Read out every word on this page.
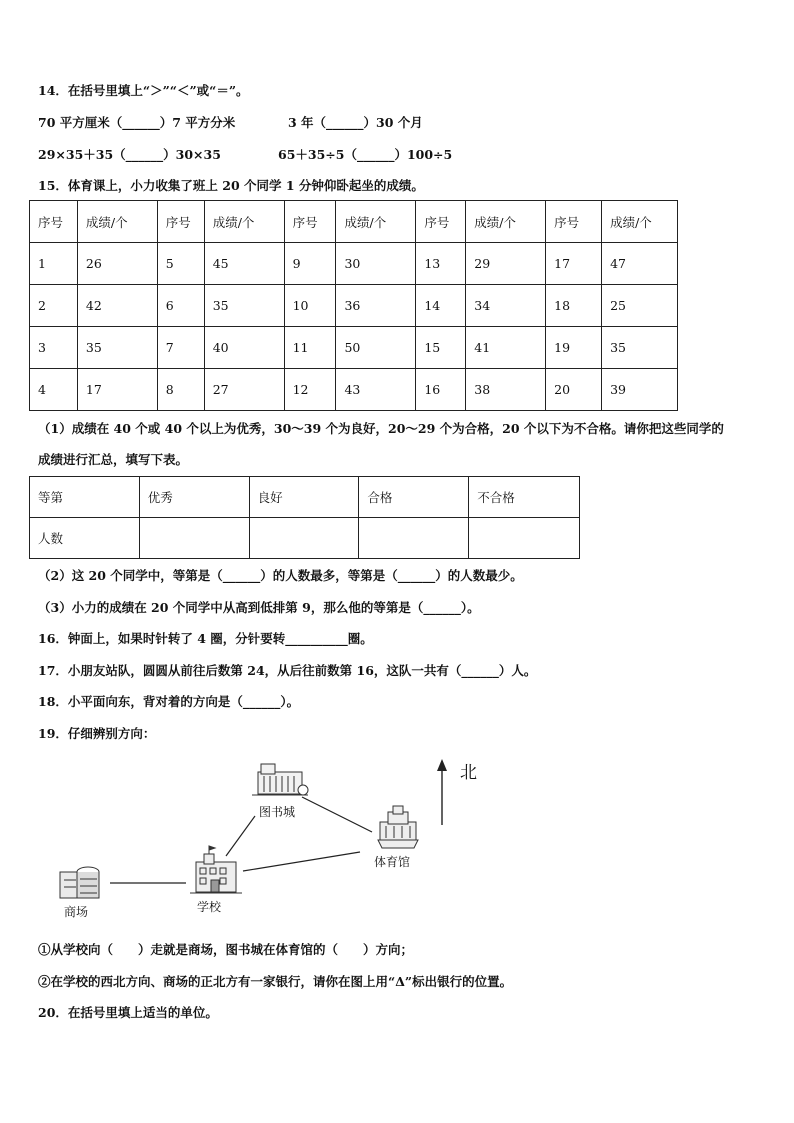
14．在括号里填上“＞”“＜”或“＝”。
70 平方厘米（______）7 平方分米	3 年（______）30 个月
29×35＋35（______）30×35	65＋35÷5（______）100÷5
15．体育课上，小力收集了班上 20 个同学 1 分钟仰卧起坐的成绩。
序号	成绩/个	序号	成绩/个	序号	成绩/个	序号	成绩/个	序号	成绩/个
1	26	5	45	9	30	13	29	17	47
2	42	6	35	10	36	14	34	18	25
3	35	7	40	11	50	15	41	19	35
4	17	8	27	12	43	16	38	20	39
（1）成绩在 40 个或 40 个以上为优秀，30～39 个为良好，20～29 个为合格，20 个以下为不合格。请你把这些同学的
成绩进行汇总，填写下表。
等第	优秀	良好	合格	不合格
人数				
（2）这 20 个同学中，等第是（______）的人数最多，等第是（______）的人数最少。
（3）小力的成绩在 20 个同学中从高到低排第 9，那么他的等第是（______）。
16．钟面上，如果时针转了 4 圈，分针要转__________圈。
17．小朋友站队，圆圆从前往后数第 24，从后往前数第 16，这队一共有（______）人。
18．小平面向东，背对着的方向是（______）。
19．仔细辨别方向：
北
图书城
体育馆
商场	学校
①从学校向（　　）走就是商场，图书城在体育馆的（　　）方向；
②在学校的西北方向、商场的正北方有一家银行，请你在图上用“Δ”标出银行的位置。
20．在括号里填上适当的单位。
